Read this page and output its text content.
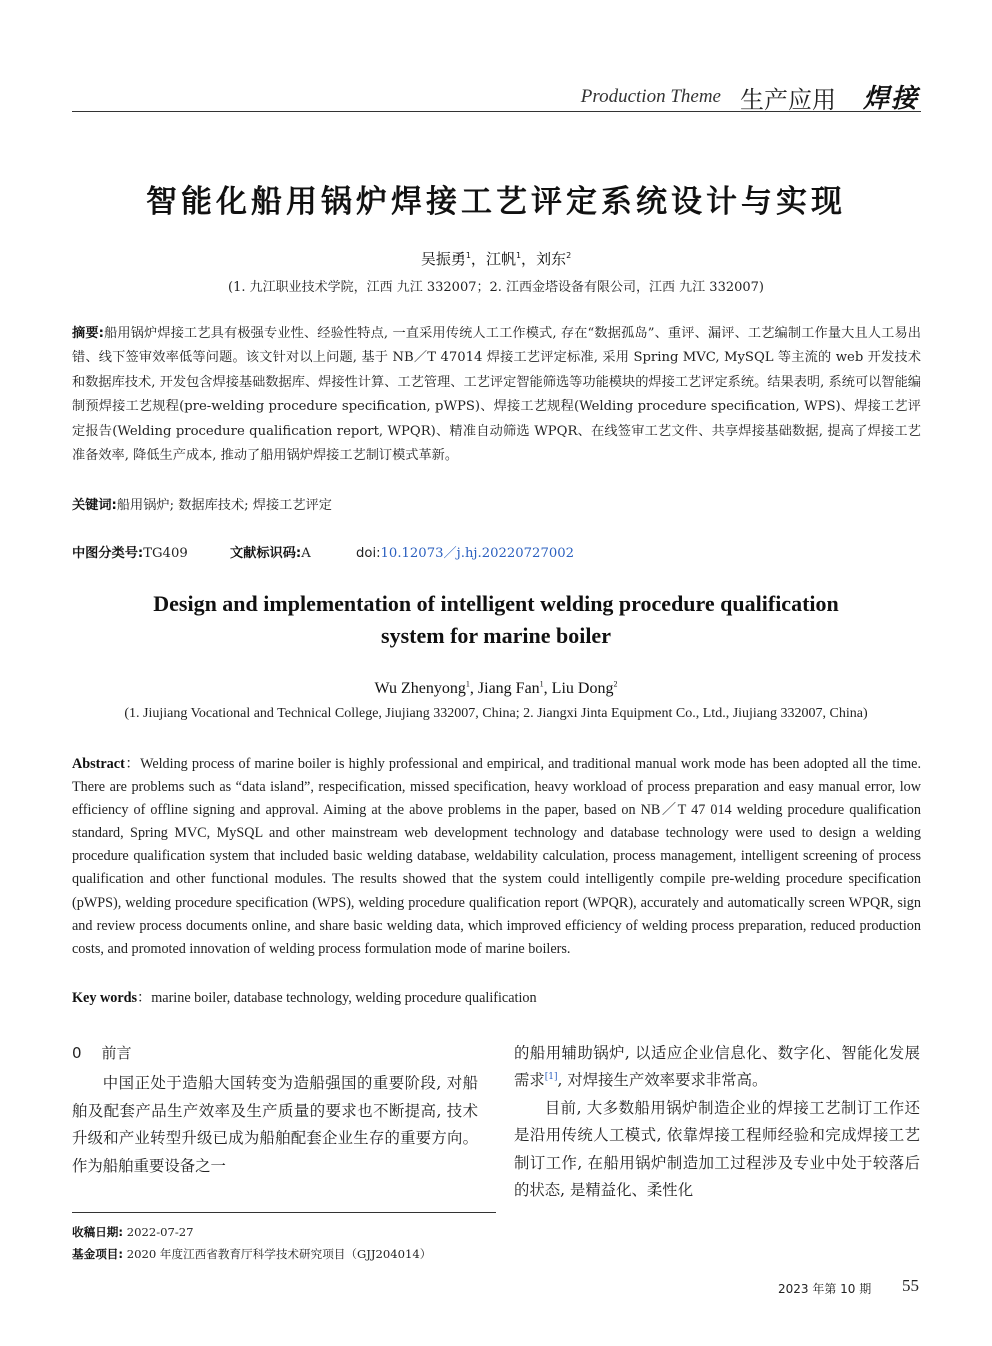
Production Theme 生产应用 焊接
智能化船用锅炉焊接工艺评定系统设计与实现
吴振勇$^1$，江帆$^1$，刘东$^2$
(1. 九江职业技术学院，江西 九江 332007；2. 江西金塔设备有限公司，江西 九江 332007)
摘要:船用锅炉焊接工艺具有极强专业性、经验性特点, 一直采用传统人工工作模式, 存在“数据孤岛”、重评、漏评、工艺编制工作量大且人工易出错、线下签审效率低等问题。该文针对以上问题, 基于 NB／T 47014 焊接工艺评定标准, 采用 Spring MVC, MySQL 等主流的 web 开发技术和数据库技术, 开发包含焊接基础数据库、焊接性计算、工艺管理、工艺评定智能筛选等功能模块的焊接工艺评定系统。结果表明, 系统可以智能编制预焊接工艺规程(pre-welding procedure specification, pWPS)、焊接工艺规程(Welding procedure specification, WPS)、焊接工艺评定报告(Welding procedure qualification report, WPQR)、精准自动筛选 WPQR、在线签审工艺文件、共享焊接基础数据, 提高了焊接工艺准备效率, 降低生产成本, 推动了船用锅炉焊接工艺制订模式革新。
关键词:船用锅炉; 数据库技术; 焊接工艺评定
中图分类号:TG409	文献标识码:A	doi:10.12073／j.hj.20220727002
Design and implementation of intelligent welding procedure qualification
system for marine boiler
Wu Zhenyong$^1$, Jiang Fan$^1$, Liu Dong$^2$
(1. Jiujiang Vocational and Technical College, Jiujiang 332007, China; 2. Jiangxi Jinta Equipment Co., Ltd., Jiujiang 332007, China)
Abstract：Welding process of marine boiler is highly professional and empirical, and traditional manual work mode has been adopted all the time. There are problems such as “data island”, respecification, missed specification, heavy workload of process preparation and easy manual error, low efficiency of offline signing and approval. Aiming at the above problems in the paper, based on NB／T 47 014 welding procedure qualification standard, Spring MVC, MySQL and other mainstream web development technology and database technology were used to design a welding procedure qualification system that included basic welding database, weldability calculation, process management, intelligent screening of process qualification and other functional modules. The results showed that the system could intelligently compile pre-welding procedure specification (pWPS), welding procedure specification (WPS), welding procedure qualification report (WPQR), accurately and automatically screen WPQR, sign and review process documents online, and share basic welding data, which improved efficiency of welding process preparation, reduced production costs, and promoted innovation of welding process formulation mode of marine boilers.
Key words：marine boiler, database technology, welding procedure qualification
0 前言

中国正处于造船大国转变为造船强国的重要阶段, 对船舶及配套产品生产效率及生产质量的要求也不断提高, 技术升级和产业转型升级已成为船舶配套企业生存的重要方向。作为船舶重要设备之一

的船用辅助锅炉, 以适应企业信息化、数字化、智能化发展需求[1], 对焊接生产效率要求非常高。

目前, 大多数船用锅炉制造企业的焊接工艺制订工作还是沿用传统人工模式, 依靠焊接工程师经验和完成焊接工艺制订工作, 在船用锅炉制造加工过程涉及专业中处于较落后的状态, 是精益化、柔性化

收稿日期: 2022-07-27
基金项目: 2020 年度江西省教育厅科学技术研究项目（GJJ204014）
2023 年第 10 期 55
